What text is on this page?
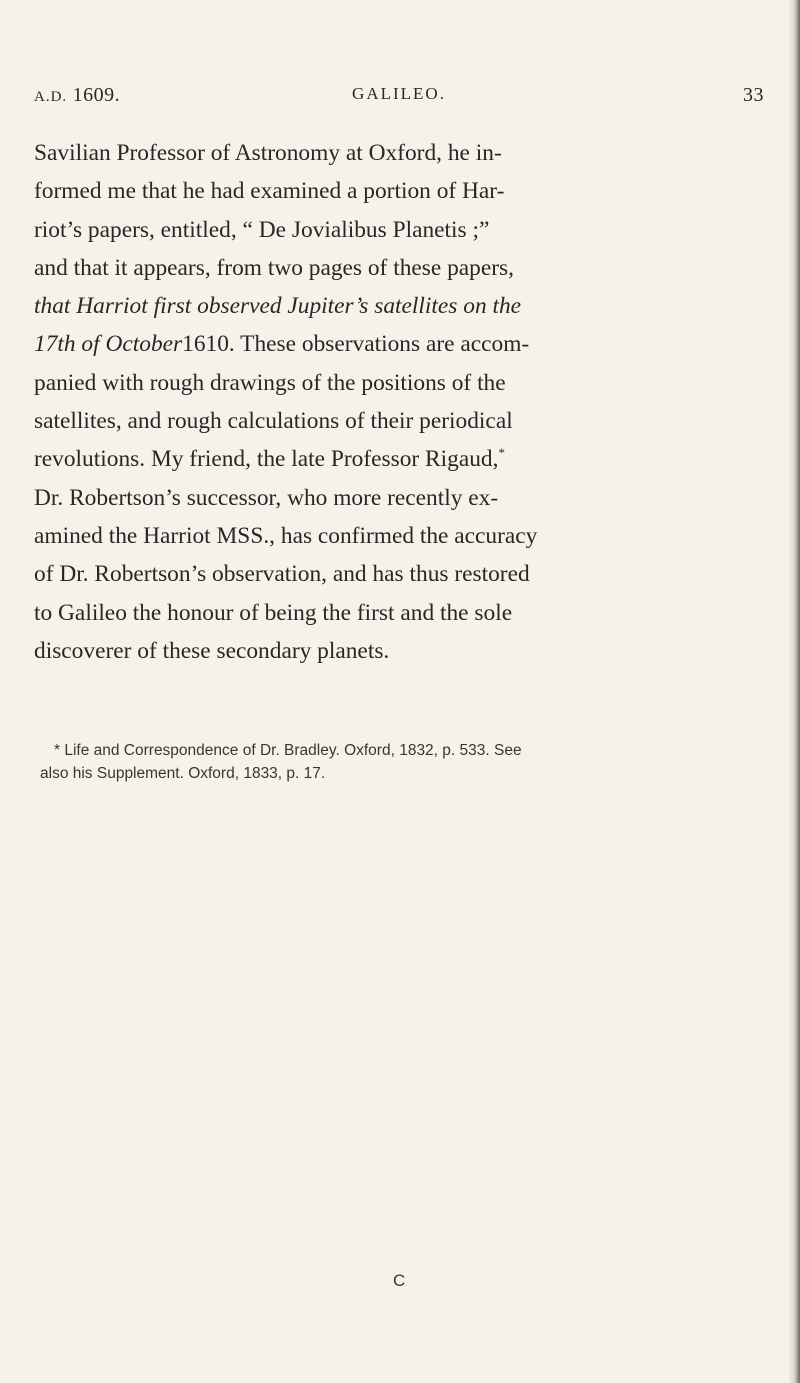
A.D. 1609.	GALILEO.	33
Savilian Professor of Astronomy at Oxford, he in-
formed me that he had examined a portion of Har-
riot’s papers, entitled, “ De Jovialibus Planetis ;”
and that it appears, from two pages of these papers,
that Harriot first observed Jupiter’s satellites on the
17th of October1610. These observations are accom-
panied with rough drawings of the positions of the
satellites, and rough calculations of their periodical
revolutions. My friend, the late Professor Rigaud,*
Dr. Robertson’s successor, who more recently ex-
amined the Harriot MSS., has confirmed the accuracy
of Dr. Robertson’s observation, and has thus restored
to Galileo the honour of being the first and the sole
discoverer of these secondary planets.
* Life and Correspondence of Dr. Bradley. Oxford, 1832, p. 533. See
also his Supplement. Oxford, 1833, p. 17.
C
